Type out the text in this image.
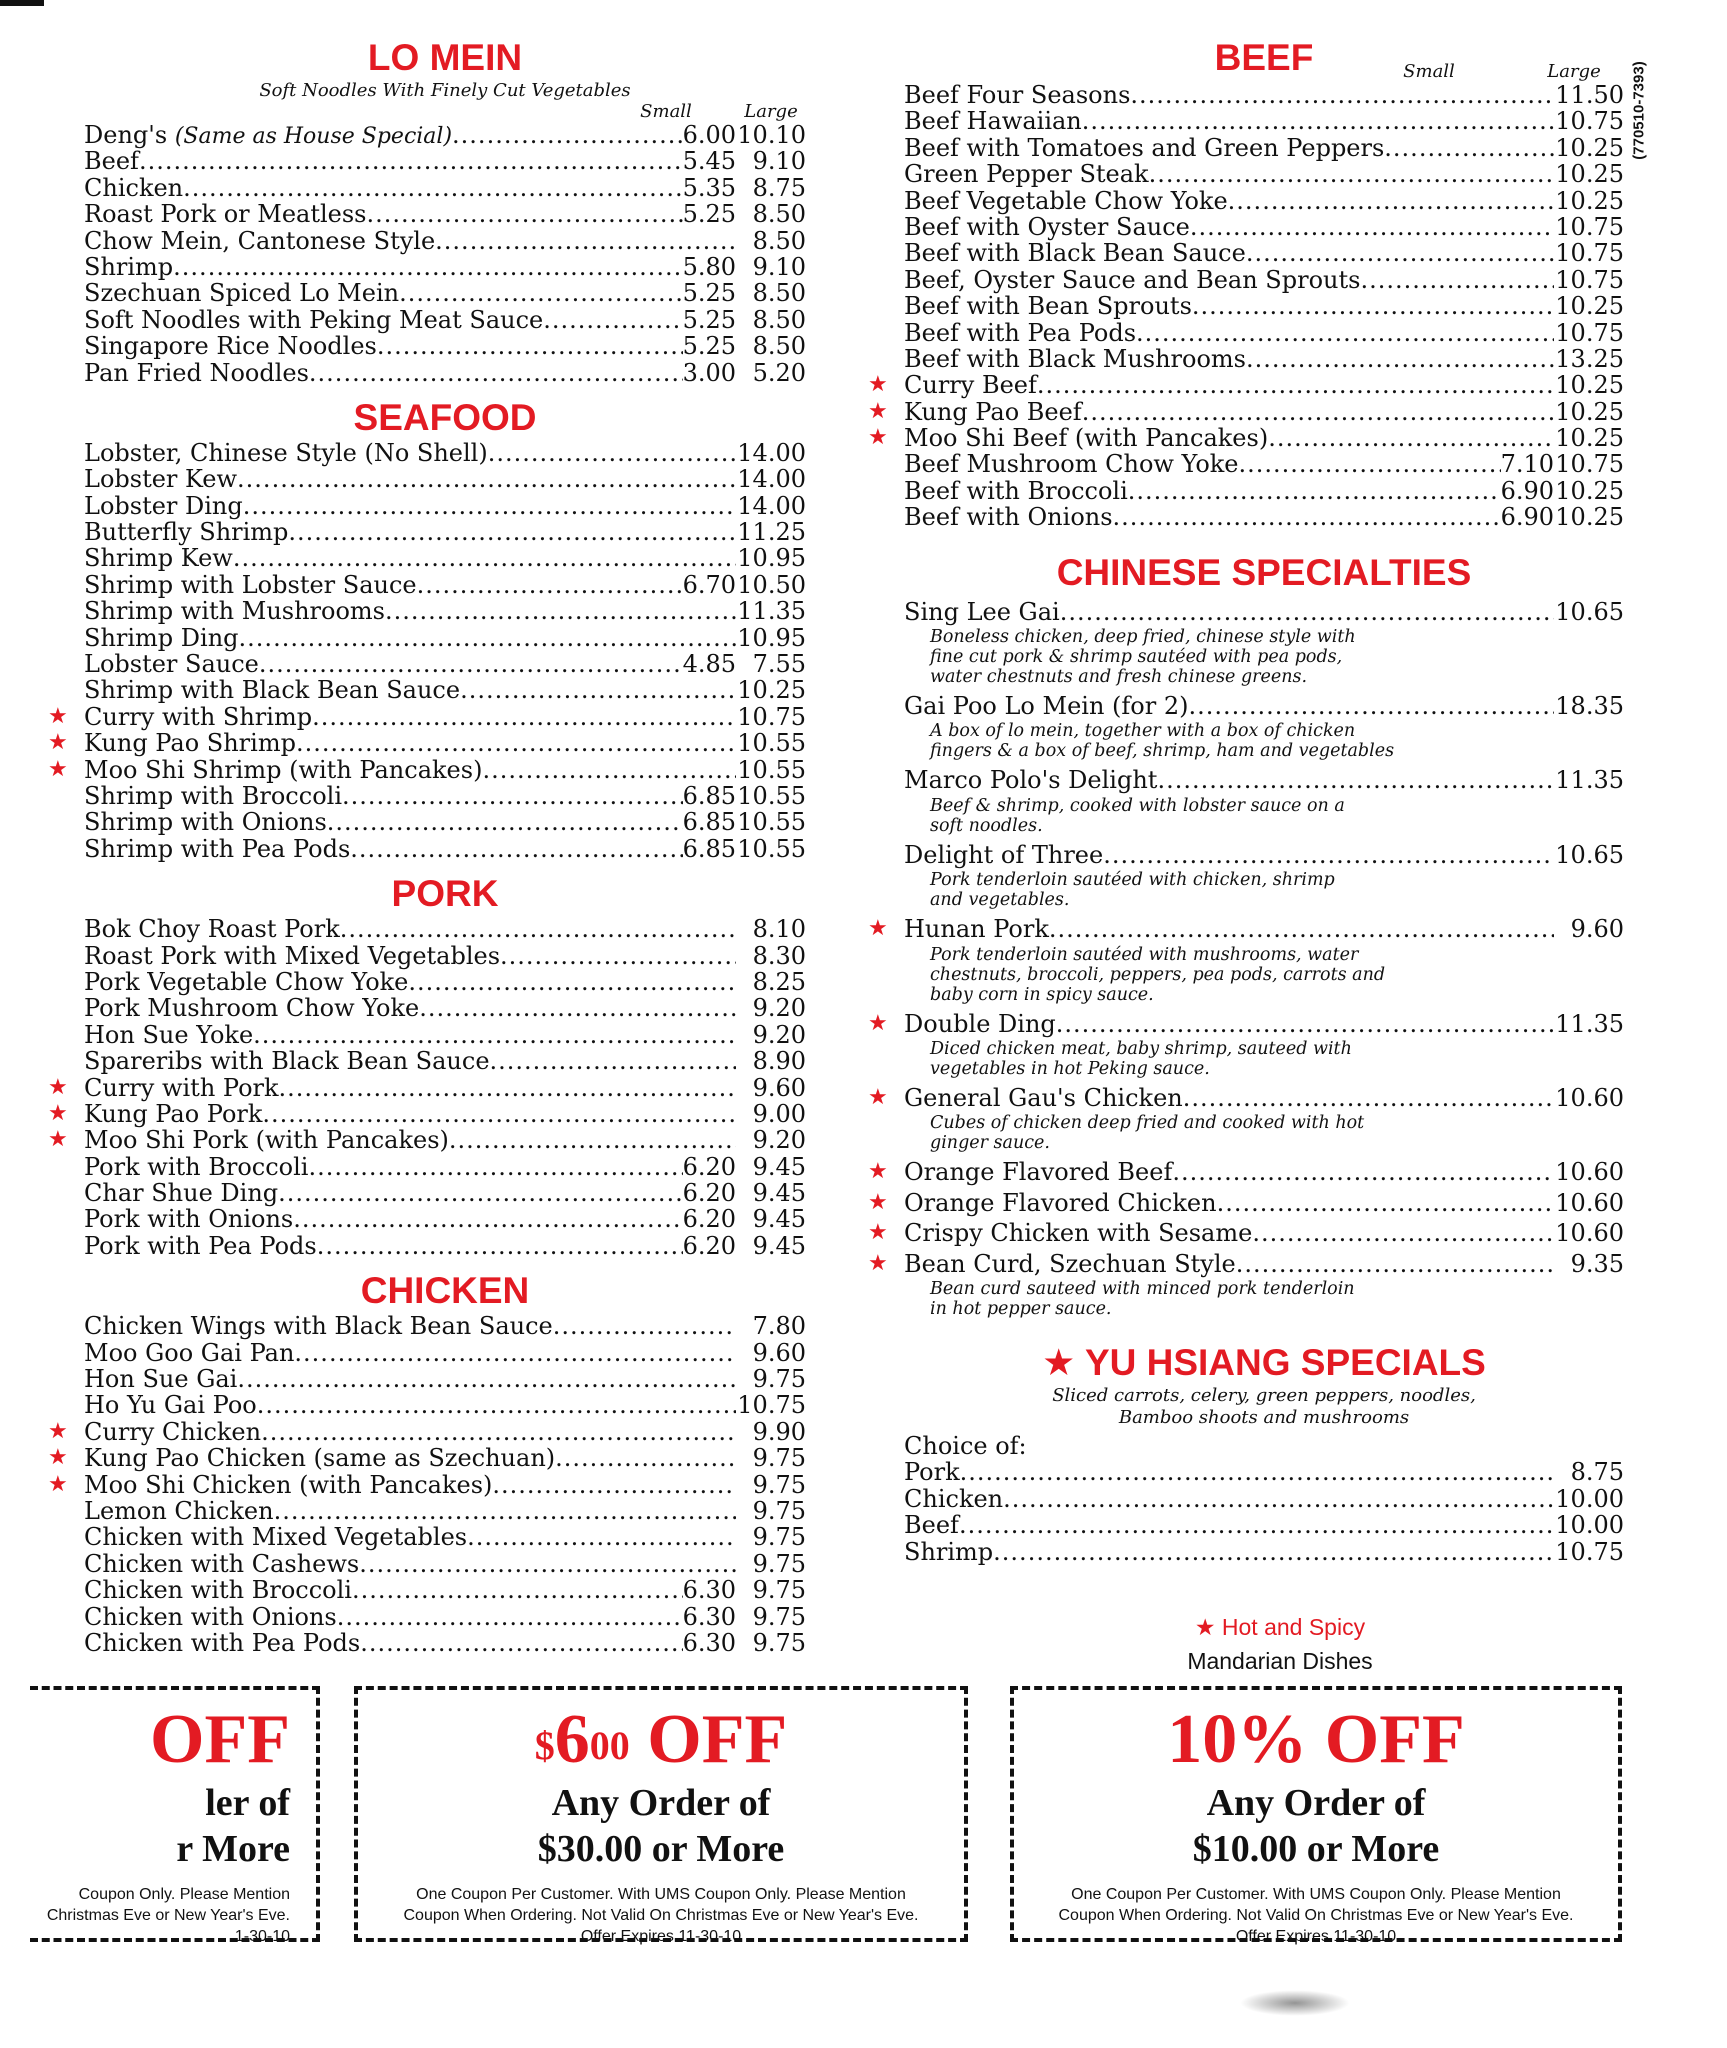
LO MEIN
Soft Noodles With Finely Cut Vegetables
Small	Large
Deng's (Same as House Special) .....	6.00 10.10
Beef .....	5.45 9.10
Chicken .....	5.35 8.75
Roast Pork or Meatless .....	5.25 8.50
Chow Mein, Cantonese Style .....	8.50
Shrimp .....	5.80 9.10
Szechuan Spiced Lo Mein .....	5.25 8.50
Soft Noodles with Peking Meat Sauce .....	5.25 8.50
Singapore Rice Noodles .....	5.25 8.50
Pan Fried Noodles .....	3.00 5.20
SEAFOOD
Lobster, Chinese Style (No Shell) .....	14.00
Lobster Kew .....	14.00
Lobster Ding .....	14.00
Butterfly Shrimp .....	11.25
Shrimp Kew .....	10.95
Shrimp with Lobster Sauce .....	6.70 10.50
Shrimp with Mushrooms .....	11.35
Shrimp Ding .....	10.95
Lobster Sauce .....	4.85 7.55
Shrimp with Black Bean Sauce .....	10.25
★ Curry with Shrimp .....	10.75
★ Kung Pao Shrimp .....	10.55
★ Moo Shi Shrimp (with Pancakes) .....	10.55
Shrimp with Broccoli .....	6.85 10.55
Shrimp with Onions .....	6.85 10.55
Shrimp with Pea Pods .....	6.85 10.55
PORK
Bok Choy Roast Pork .....	8.10
Roast Pork with Mixed Vegetables .....	8.30
Pork Vegetable Chow Yoke .....	8.25
Pork Mushroom Chow Yoke .....	9.20
Hon Sue Yoke .....	9.20
Spareribs with Black Bean Sauce .....	8.90
★ Curry with Pork .....	9.60
★ Kung Pao Pork .....	9.00
★ Moo Shi Pork (with Pancakes) .....	9.20
Pork with Broccoli .....	6.20 9.45
Char Shue Ding .....	6.20 9.45
Pork with Onions .....	6.20 9.45
Pork with Pea Pods .....	6.20 9.45
CHICKEN
Chicken Wings with Black Bean Sauce .....	7.80
Moo Goo Gai Pan .....	9.60
Hon Sue Gai .....	9.75
Ho Yu Gai Poo .....	10.75
★ Curry Chicken .....	9.90
★ Kung Pao Chicken (same as Szechuan) .....	9.75
★ Moo Shi Chicken (with Pancakes) .....	9.75
Lemon Chicken .....	9.75
Chicken with Mixed Vegetables .....	9.75
Chicken with Cashews .....	9.75
Chicken with Broccoli .....	6.30 9.75
Chicken with Onions .....	6.30 9.75
Chicken with Pea Pods .....	6.30 9.75
BEEF	Small	Large
Beef Four Seasons .....	11.50
Beef Hawaiian .....	10.75
Beef with Tomatoes and Green Peppers .....	10.25
Green Pepper Steak .....	10.25
Beef Vegetable Chow Yoke .....	10.25
Beef with Oyster Sauce .....	10.75
Beef with Black Bean Sauce .....	10.75
Beef, Oyster Sauce and Bean Sprouts .....	10.75
Beef with Bean Sprouts .....	10.25
Beef with Pea Pods .....	10.75
Beef with Black Mushrooms .....	13.25
★ Curry Beef .....	10.25
★ Kung Pao Beef .....	10.25
★ Moo Shi Beef (with Pancakes) .....	10.25
Beef Mushroom Chow Yoke .....	7.10 10.75
Beef with Broccoli .....	6.90 10.25
Beef with Onions .....	6.90 10.25
CHINESE SPECIALTIES
Sing Lee Gai .....	10.65
Boneless chicken, deep fried, chinese style with
fine cut pork & shrimp sautéed with pea pods,
water chestnuts and fresh chinese greens.
Gai Poo Lo Mein (for 2) .....	18.35
A box of lo mein, together with a box of chicken
fingers & a box of beef, shrimp, ham and vegetables
Marco Polo's Delight .....	11.35
Beef & shrimp, cooked with lobster sauce on a
soft noodles.
Delight of Three .....	10.65
Pork tenderloin sautéed with chicken, shrimp
and vegetables.
★ Hunan Pork .....	9.60
Pork tenderloin sautéed with mushrooms, water
chestnuts, broccoli, peppers, pea pods, carrots and
baby corn in spicy sauce.
★ Double Ding .....	11.35
Diced chicken meat, baby shrimp, sauteed with
vegetables in hot Peking sauce.
★ General Gau's Chicken .....	10.60
Cubes of chicken deep fried and cooked with hot
ginger sauce.
★ Orange Flavored Beef .....	10.60
★ Orange Flavored Chicken .....	10.60
★ Crispy Chicken with Sesame .....	10.60
★ Bean Curd, Szechuan Style .....	9.35
Bean curd sauteed with minced pork tenderloin
in hot pepper sauce.
★ YU HSIANG SPECIALS
Sliced carrots, celery, green peppers, noodles,
Bamboo shoots and mushrooms
Choice of:
Pork .....	8.75
Chicken .....	10.00
Beef .....	10.00
Shrimp .....	10.75
(770510-7393)
★ Hot and Spicy
Mandarian Dishes
OFF
ler of
r More
Coupon Only. Please Mention
Christmas Eve or New Year's Eve.
1-30-10
$^{\$}6^{00}$ OFF
Any Order of
$30.00 or More
One Coupon Per Customer. With UMS Coupon Only. Please Mention
Coupon When Ordering. Not Valid On Christmas Eve or New Year's Eve.
Offer Expires 11-30-10
10% OFF
Any Order of
$10.00 or More
One Coupon Per Customer. With UMS Coupon Only. Please Mention
Coupon When Ordering. Not Valid On Christmas Eve or New Year's Eve.
Offer Expires 11-30-10
